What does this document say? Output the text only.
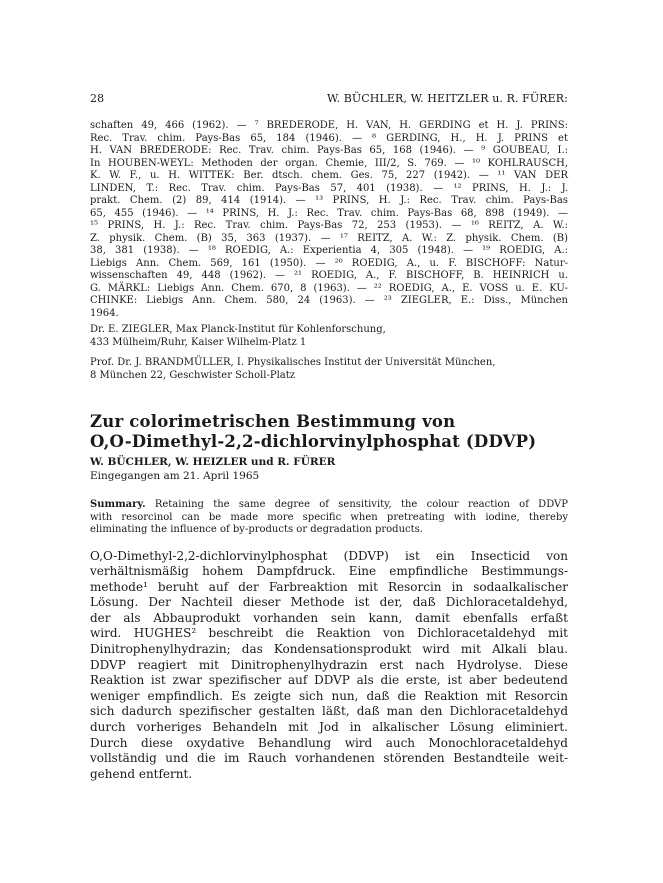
28	W. BÜCHLER, W. HEITZLER u. R. FÜRER:
schaften 49, 466 (1962). — ⁷ BREDERODE, H. VAN, H. GERDING et H. J. PRINS:
Rec. Trav. chim. Pays-Bas 65, 184 (1946). — ⁸ GERDING, H., H. J. PRINS et
H. VAN BREDERODE: Rec. Trav. chim. Pays-Bas 65, 168 (1946). — ⁹ GOUBEAU, I.:
In HOUBEN-WEYL: Methoden der organ. Chemie, III/2, S. 769. — ¹⁰ KOHLRAUSCH,
K. W. F., u. H. WITTEK: Ber. dtsch. chem. Ges. 75, 227 (1942). — ¹¹ VAN DER
LINDEN, T.: Rec. Trav. chim. Pays-Bas 57, 401 (1938). — ¹² PRINS, H. J.: J.
prakt. Chem. (2) 89, 414 (1914). — ¹³ PRINS, H. J.: Rec. Trav. chim. Pays-Bas
65, 455 (1946). — ¹⁴ PRINS, H. J.: Rec. Trav. chim. Pays-Bas 68, 898 (1949). —
¹⁵ PRINS, H. J.: Rec. Trav. chim. Pays-Bas 72, 253 (1953). — ¹⁶ REITZ, A. W.:
Z. physik. Chem. (B) 35, 363 (1937). — ¹⁷ REITZ, A. W.: Z. physik. Chem. (B)
38, 381 (1938). — ¹⁸ ROEDIG, A.: Experientia 4, 305 (1948). — ¹⁹ ROEDIG, A.:
Liebigs Ann. Chem. 569, 161 (1950). — ²⁰ ROEDIG, A., u. F. BISCHOFF: Natur-
wissenschaften 49, 448 (1962). — ²¹ ROEDIG, A., F. BISCHOFF, B. HEINRICH u.
G. MÄRKL: Liebigs Ann. Chem. 670, 8 (1963). — ²² ROEDIG, A., E. VOSS u. E. KU-
CHINKE: Liebigs Ann. Chem. 580, 24 (1963). — ²³ ZIEGLER, E.: Diss., München
1964.
Dr. E. ZIEGLER, Max Planck-Institut für Kohlenforschung,
433 Mülheim/Ruhr, Kaiser Wilhelm-Platz 1
Prof. Dr. J. BRANDMÜLLER, I. Physikalisches Institut der Universität München,
8 München 22, Geschwister Scholl-Platz
Zur colorimetrischen Bestimmung von
O,O-Dimethyl-2,2-dichlorvinylphosphat (DDVP)
W. BÜCHLER, W. HEIZLER und R. FÜRER
Eingegangen am 21. April 1965
Summary. Retaining the same degree of sensitivity, the colour reaction of DDVP
with resorcinol can be made more specific when pretreating with iodine, thereby
eliminating the influence of by-products or degradation products.
O,O-Dimethyl-2,2-dichlorvinylphosphat (DDVP) ist ein Insecticid von
verhältnismäßig hohem Dampfdruck. Eine empfindliche Bestimmungs-
methode¹ beruht auf der Farbreaktion mit Resorcin in sodaalkalischer
Lösung. Der Nachteil dieser Methode ist der, daß Dichloracetaldehyd,
der als Abbauprodukt vorhanden sein kann, damit ebenfalls erfaßt
wird. HUGHES² beschreibt die Reaktion von Dichloracetaldehyd mit
Dinitrophenylhydrazin; das Kondensationsprodukt wird mit Alkali blau.
DDVP reagiert mit Dinitrophenylhydrazin erst nach Hydrolyse. Diese
Reaktion ist zwar spezifischer auf DDVP als die erste, ist aber bedeutend
weniger empfindlich. Es zeigte sich nun, daß die Reaktion mit Resorcin
sich dadurch spezifischer gestalten läßt, daß man den Dichloracetaldehyd
durch vorheriges Behandeln mit Jod in alkalischer Lösung eliminiert.
Durch diese oxydative Behandlung wird auch Monochloracetaldehyd
vollständig und die im Rauch vorhandenen störenden Bestandteile weit-
gehend entfernt.
